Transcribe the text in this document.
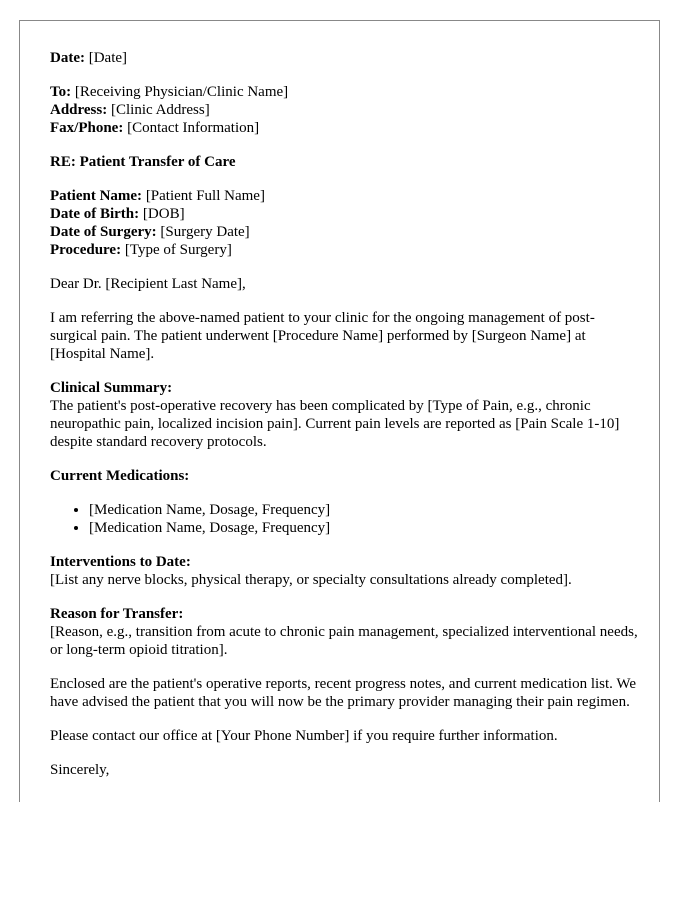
Date: [Date]

To: [Receiving Physician/Clinic Name]

Address: [Clinic Address]

Fax/Phone: [Contact Information]

RE: Patient Transfer of Care

Patient Name: [Patient Full Name]

Date of Birth: [DOB]

Date of Surgery: [Surgery Date]

Procedure: [Type of Surgery]

Dear Dr. [Recipient Last Name],

I am referring the above-named patient to your clinic for the ongoing management of post-surgical pain. The patient underwent [Procedure Name] performed by [Surgeon Name] at [Hospital Name].

Clinical Summary:
The patient's post-operative recovery has been complicated by [Type of Pain, e.g., chronic neuropathic pain, localized incision pain]. Current pain levels are reported as [Pain Scale 1-10] despite standard recovery protocols.

Current Medications:

• [Medication Name, Dosage, Frequency]
• [Medication Name, Dosage, Frequency]

Interventions to Date:
[List any nerve blocks, physical therapy, or specialty consultations already completed].

Reason for Transfer:
[Reason, e.g., transition from acute to chronic pain management, specialized interventional needs, or long-term opioid titration].

Enclosed are the patient's operative reports, recent progress notes, and current medication list. We have advised the patient that you will now be the primary provider managing their pain regimen.

Please contact our office at [Your Phone Number] if you require further information.

Sincerely,
